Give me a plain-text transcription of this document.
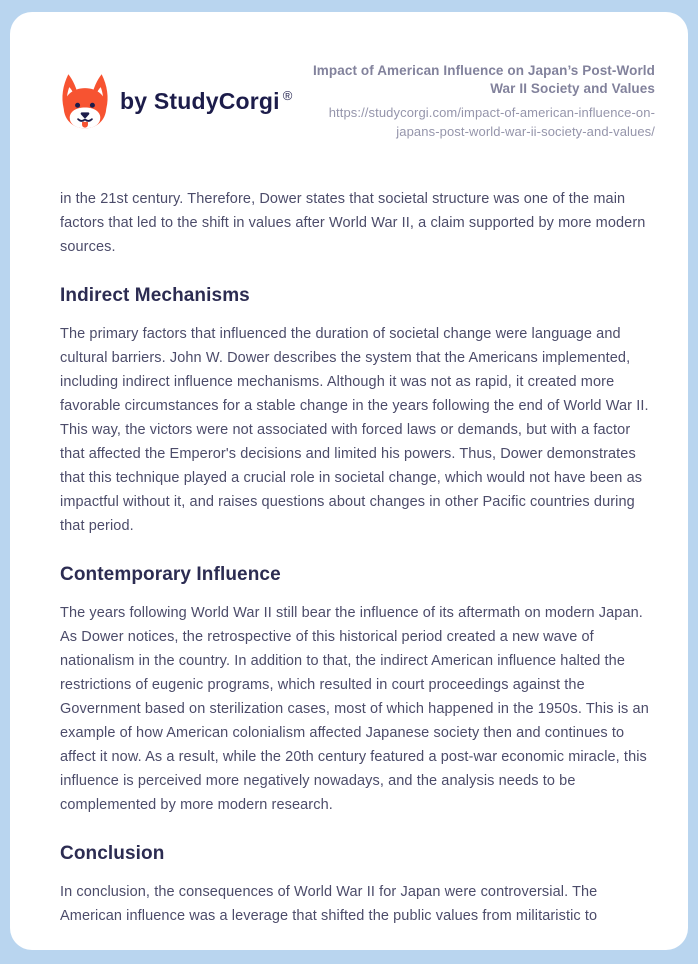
by StudyCorgi ®

Impact of American Influence on Japan’s Post-World War II Society and Values

https://studycorgi.com/impact-of-american-influence-on-japans-post-world-war-ii-society-and-values/

in the 21st century. Therefore, Dower states that societal structure was one of the main factors that led to the shift in values after World War II, a claim supported by more modern sources.

Indirect Mechanisms

The primary factors that influenced the duration of societal change were language and cultural barriers. John W. Dower describes the system that the Americans implemented, including indirect influence mechanisms. Although it was not as rapid, it created more favorable circumstances for a stable change in the years following the end of World War II. This way, the victors were not associated with forced laws or demands, but with a factor that affected the Emperor's decisions and limited his powers. Thus, Dower demonstrates that this technique played a crucial role in societal change, which would not have been as impactful without it, and raises questions about changes in other Pacific countries during that period.

Contemporary Influence

The years following World War II still bear the influence of its aftermath on modern Japan. As Dower notices, the retrospective of this historical period created a new wave of nationalism in the country. In addition to that, the indirect American influence halted the restrictions of eugenic programs, which resulted in court proceedings against the Government based on sterilization cases, most of which happened in the 1950s. This is an example of how American colonialism affected Japanese society then and continues to affect it now. As a result, while the 20th century featured a post-war economic miracle, this influence is perceived more negatively nowadays, and the analysis needs to be complemented by more modern research.

Conclusion

In conclusion, the consequences of World War II for Japan were controversial. The American influence was a leverage that shifted the public values from militaristic to
